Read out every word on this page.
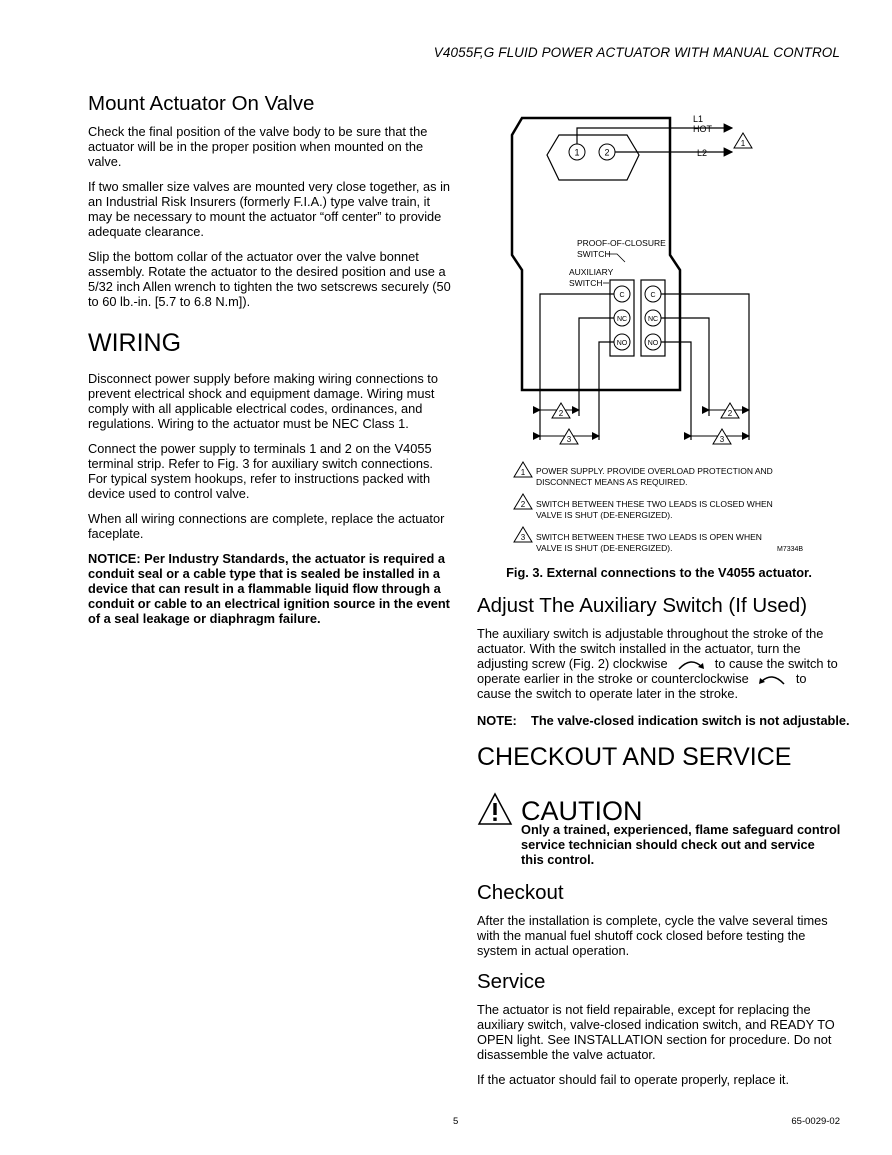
V4055F,G FLUID POWER ACTUATOR WITH MANUAL CONTROL
Mount Actuator On Valve

Check the final position of the valve body to be sure that the actuator will be in the proper position when mounted on the valve.

If two smaller size valves are mounted very close together, as in an Industrial Risk Insurers (formerly F.I.A.) type valve train, it may be necessary to mount the actuator “off center” to provide adequate clearance.

Slip the bottom collar of the actuator over the valve bonnet assembly. Rotate the actuator to the desired position and use a 5/32 inch Allen wrench to tighten the two setscrews securely (50 to 60 lb.-in. [5.7 to 6.8 N.m]).

WIRING

Disconnect power supply before making wiring connections to prevent electrical shock and equipment damage. Wiring must comply with all applicable electrical codes, ordinances, and regulations. Wiring to the actuator must be NEC Class 1.

Connect the power supply to terminals 1 and 2 on the V4055 terminal strip. Refer to Fig. 3 for auxiliary switch connections. For typical system hookups, refer to instructions packed with device used to control valve.

When all wiring connections are complete, replace the actuator faceplate.

NOTICE: Per Industry Standards, the actuator is required a conduit seal or a cable type that is sealed be installed in a device that can result in a flammable liquid flow through a conduit or cable to an electrical ignition source in the event of a seal leakage or diaphragm failure.

1	2
L1
HOT
L2
1
PROOF-OF-CLOSURE
SWITCH
AUXILIARY
SWITCH
C
NC
NO
C
NC
NO
2
3
2
3
1 POWER SUPPLY. PROVIDE OVERLOAD PROTECTION AND
DISCONNECT MEANS AS REQUIRED.
2 SWITCH BETWEEN THESE TWO LEADS IS CLOSED WHEN
VALVE IS SHUT (DE-ENERGIZED).
3 SWITCH BETWEEN THESE TWO LEADS IS OPEN WHEN
VALVE IS SHUT (DE-ENERGIZED).	M7334B
Fig. 3. External connections to the V4055 actuator.
Adjust The Auxiliary Switch (If Used)

The auxiliary switch is adjustable throughout the stroke of the actuator. With the switch installed in the actuator, turn the adjusting screw (Fig. 2) clockwise	to cause the switch to operate earlier in the stroke or counterclockwise	to cause the switch to operate later in the stroke.

NOTE:    The valve-closed indication switch is not adjustable.

CHECKOUT AND SERVICE
CAUTION
Only a trained, experienced, flame safeguard control service technician should check out and service this control.
Checkout

After the installation is complete, cycle the valve several times with the manual fuel shutoff cock closed before testing the system in actual operation.

Service

The actuator is not field repairable, except for replacing the auxiliary switch, valve-closed indication switch, and READY TO OPEN light. See INSTALLATION section for procedure. Do not disassemble the valve actuator.

If the actuator should fail to operate properly, replace it.

5	65-0029-02
